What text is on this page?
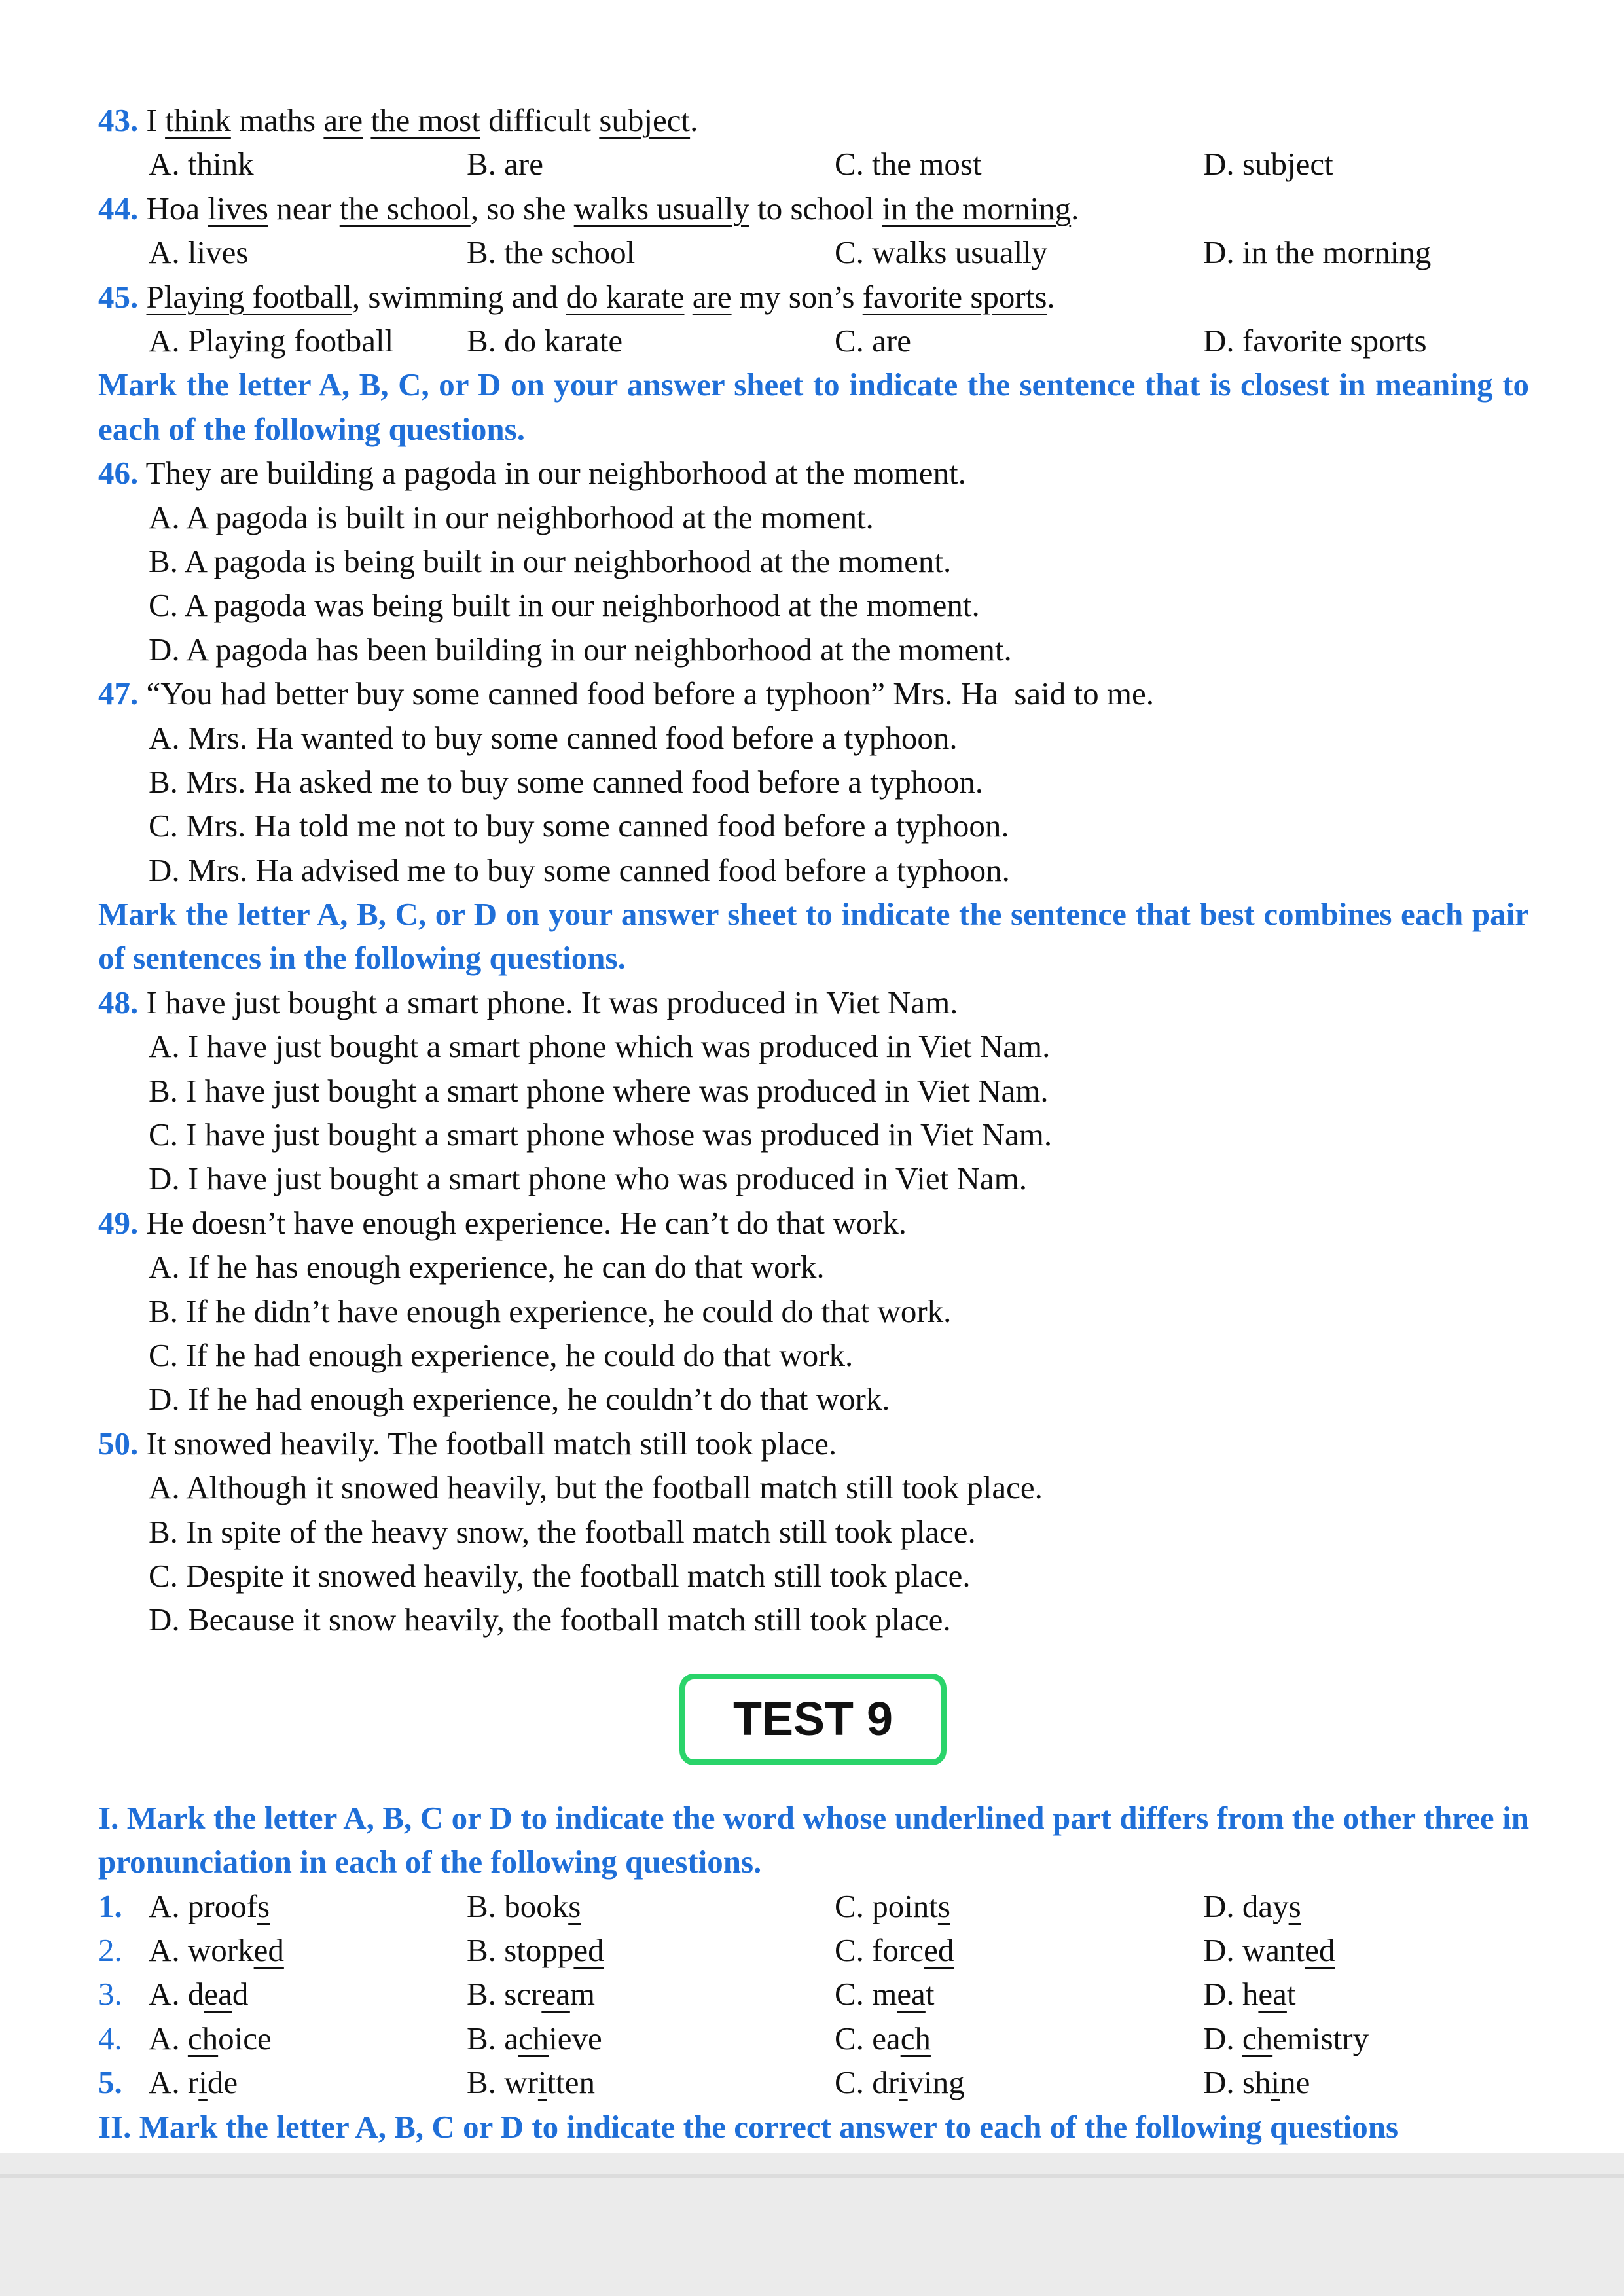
43. I think maths are the most difficult subject.
A. think	B. are	C. the most	D. subject
44. Hoa lives near the school, so she walks usually to school in the morning.
A. lives	B. the school	C. walks usually	D. in the morning
45. Playing football, swimming and do karate are my son’s favorite sports.
A. Playing football B. do karate	C. are	D. favorite sports
Mark the letter A, B, C, or D on your answer sheet to indicate the sentence that is closest in meaning to each of the following questions.
46. They are building a pagoda in our neighborhood at the moment.
A. A pagoda is built in our neighborhood at the moment.
B. A pagoda is being built in our neighborhood at the moment.
C. A pagoda was being built in our neighborhood at the moment.
D. A pagoda has been building in our neighborhood at the moment.
47. “You had better buy some canned food before a typhoon” Mrs. Ha  said to me.
A. Mrs. Ha wanted to buy some canned food before a typhoon.
B. Mrs. Ha asked me to buy some canned food before a typhoon.
C. Mrs. Ha told me not to buy some canned food before a typhoon.
D. Mrs. Ha advised me to buy some canned food before a typhoon.
Mark the letter A, B, C, or D on your answer sheet to indicate the sentence that best combines each pair of sentences in the following questions.
48. I have just bought a smart phone. It was produced in Viet Nam.
A. I have just bought a smart phone which was produced in Viet Nam.
B. I have just bought a smart phone where was produced in Viet Nam.
C. I have just bought a smart phone whose was produced in Viet Nam.
D. I have just bought a smart phone who was produced in Viet Nam.
49. He doesn’t have enough experience. He can’t do that work.
A. If he has enough experience, he can do that work.
B. If he didn’t have enough experience, he could do that work.
C. If he had enough experience, he could do that work.
D. If he had enough experience, he couldn’t do that work.
50. It snowed heavily. The football match still took place.
A. Although it snowed heavily, but the football match still took place.
B. In spite of the heavy snow, the football match still took place.
C. Despite it snowed heavily, the football match still took place.
D. Because it snow heavily, the football match still took place.
TEST 9
I. Mark the letter A, B, C or D to indicate the word whose underlined part differs from the other three in pronunciation in each of the following questions.
1. A. proofs	B. books	C. points	D. days
2. A. worked	B. stopped	C. forced	D. wanted
3. A. dead	B. scream	C. meat	D. heat
4. A. choice	B. achieve	C. each	D. chemistry
5. A. ride	B. written	C. driving	D. shine
II. Mark the letter A, B, C or D to indicate the correct answer to each of the following questions
